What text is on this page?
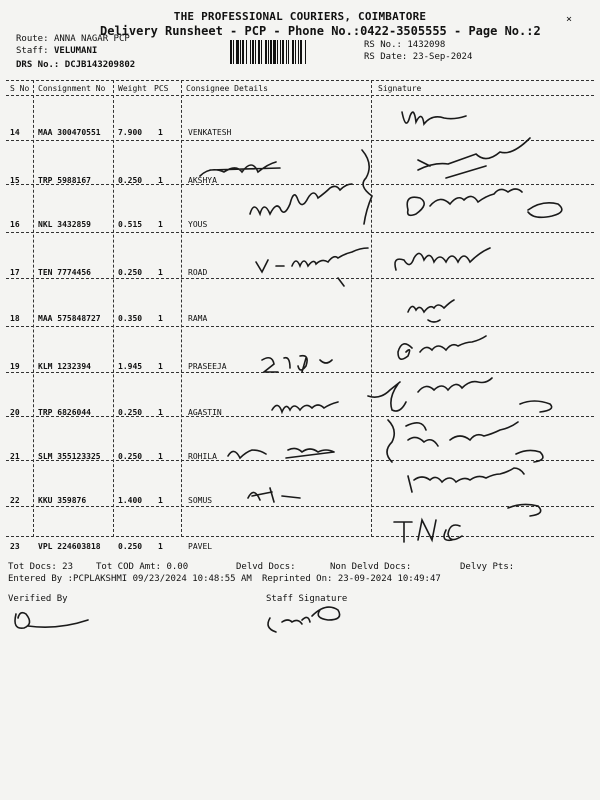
×
THE PROFESSIONAL COURIERS, COIMBATORE
Delivery Runsheet - PCP - Phone No.:0422-3505555 - Page No.:2
Route: ANNA NAGAR PCP
Staff: VELUMANI
DRS No.: DCJB143209802
RS No.: 1432098
RS Date: 23-Sep-2024
S No Consignment No Weight PCS Consignee Details	Signature
14 MAA 300470551 7.900 1	VENKATESH
15 TRP 5988167	0.250 1	AKSHYA
16 NKL 3432859	0.515 1	YOUS
17 TEN 7774456	0.250 1	ROAD
18 MAA 575848727 0.350 1	RAMA
19 KLM 1232394	1.945 1	PRASEEJA
20 TRP 6826044	0.250 1	AGASTIN
21 SLM 355123325 0.250 1	ROHILA
22 KKU 359876	1.400 1	SOMUS
23 VPL 224603818 0.250 1	PAVEL
Tot Docs: 23	Tot COD Amt: 0.00	Delvd Docs:	Non Delvd Docs:	Delvy Pts:
Entered By :PCPLAKSHMI 09/23/2024 10:48:55 AM Reprinted On: 23-09-2024 10:49:47
Verified By	Staff Signature
